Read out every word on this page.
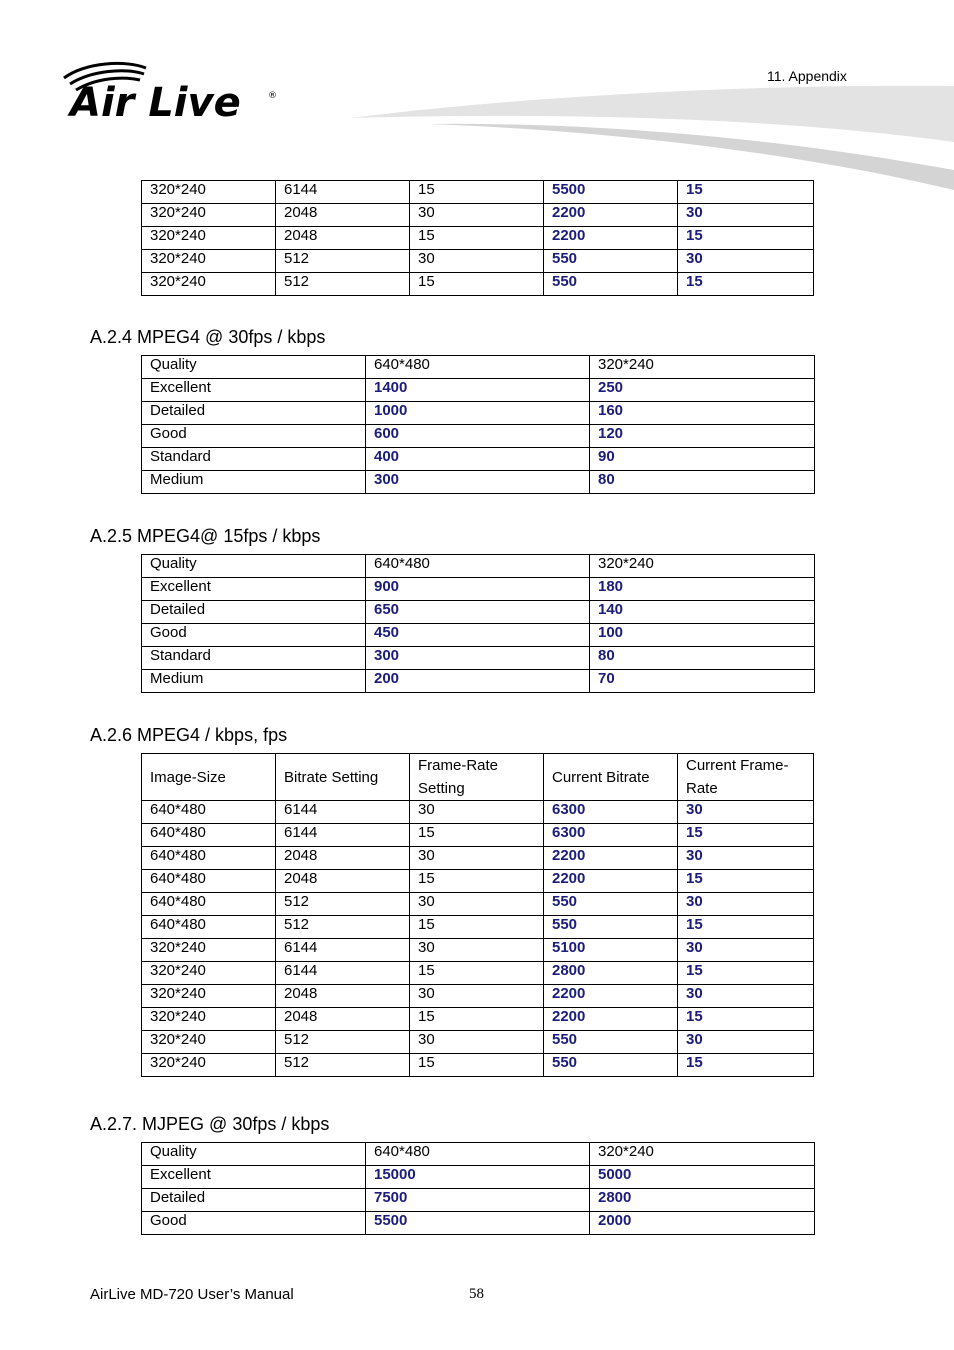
Air Live	®
11. Appendix
320*240	6144	15	5500	15
320*240	2048	30	2200	30
320*240	2048	15	2200	15
320*240	512	30	550	30
320*240	512	15	550	15
A.2.4 MPEG4 @ 30fps / kbps
Quality	640*480	320*240
Excellent	1400	250
Detailed	1000	160
Good	600	120
Standard	400	90
Medium	300	80
A.2.5 MPEG4@ 15fps / kbps
Quality	640*480	320*240
Excellent	900	180
Detailed	650	140
Good	450	100
Standard	300	80
Medium	200	70
A.2.6 MPEG4 / kbps, fps
Image-Size	Bitrate Setting	Frame-Rate Setting	Current Bitrate	Current Frame-Rate
640*480	6144	30	6300	30
640*480	6144	15	6300	15
640*480	2048	30	2200	30
640*480	2048	15	2200	15
640*480	512	30	550	30
640*480	512	15	550	15
320*240	6144	30	5100	30
320*240	6144	15	2800	15
320*240	2048	30	2200	30
320*240	2048	15	2200	15
320*240	512	30	550	30
320*240	512	15	550	15
A.2.7. MJPEG @ 30fps / kbps
Quality	640*480	320*240
Excellent	15000	5000
Detailed	7500	2800
Good	5500	2000
AirLive MD-720 User’s Manual	58
